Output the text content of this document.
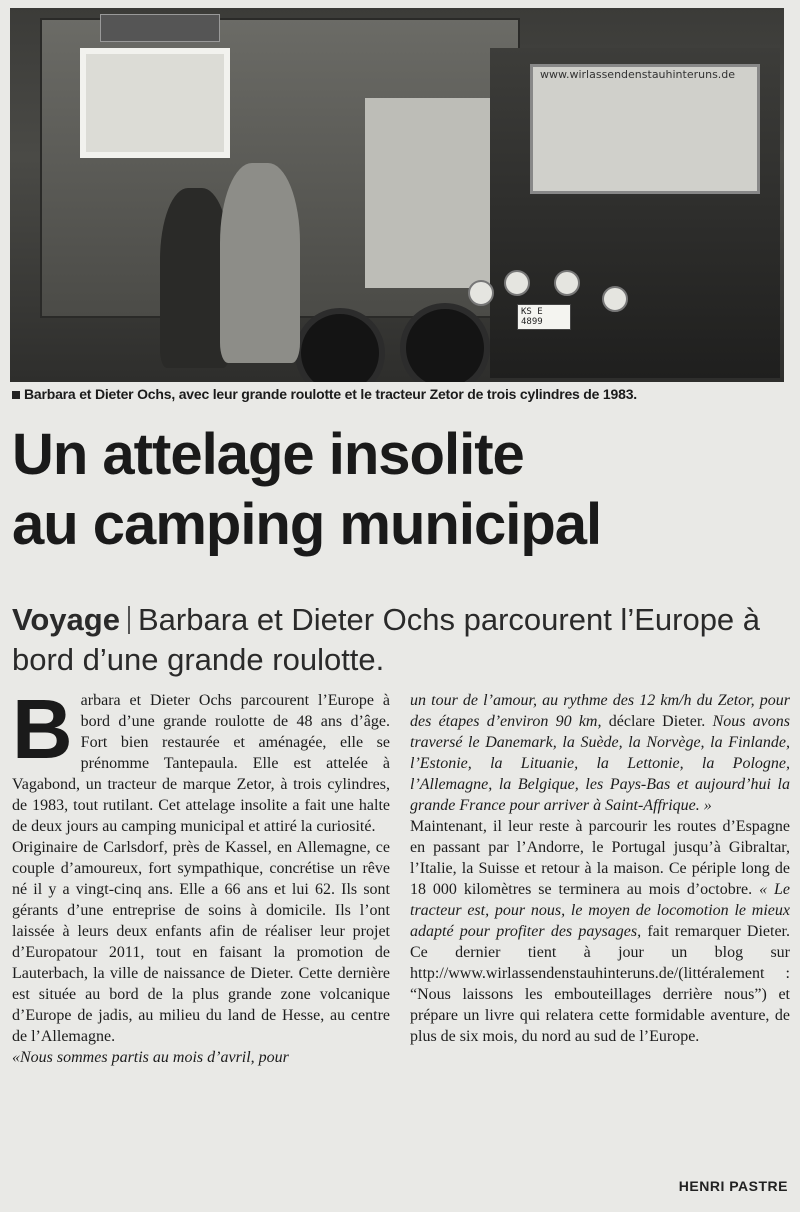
www.wirlassendenstauhinteruns.de
KS E 4899
Barbara et Dieter Ochs, avec leur grande roulotte et le tracteur Zetor de trois cylindres de 1983.
Un attelage insolite
au camping municipal
Voyage Barbara et Dieter Ochs parcourent l’Europe à bord d’une grande roulotte.

Barbara et Dieter Ochs parcourent l’Europe à bord d’une grande roulotte de 48 ans d’âge. Fort bien restaurée et aménagée, elle se prénomme Tantepaula. Elle est attelée à Vagabond, un tracteur de marque Zetor, à trois cylindres, de 1983, tout rutilant. Cet attelage insolite a fait une halte de deux jours au camping municipal et attiré la curiosité.

Originaire de Carlsdorf, près de Kassel, en Allemagne, ce couple d’amoureux, fort sympathique, concrétise un rêve né il y a vingt-cinq ans. Elle a 66 ans et lui 62. Ils sont gérants d’une entreprise de soins à domicile. Ils l’ont laissée à leurs deux enfants afin de réaliser leur projet d’Europatour 2011, tout en faisant la promotion de Lauterbach, la ville de naissance de Dieter. Cette dernière est située au bord de la plus grande zone volcanique d’Europe de jadis, au milieu du land de Hesse, au centre de l’Allemagne.

«Nous sommes partis au mois d’avril, pour

un tour de l’amour, au rythme des 12 km/h du Zetor, pour des étapes d’environ 90 km, déclare Dieter. Nous avons traversé le Danemark, la Suède, la Norvège, la Finlande, l’Estonie, la Lituanie, la Lettonie, la Pologne, l’Allemagne, la Belgique, les Pays-Bas et aujourd’hui la grande France pour arriver à Saint-Affrique. »

Maintenant, il leur reste à parcourir les routes d’Espagne en passant par l’Andorre, le Portugal jusqu’à Gibraltar, l’Italie, la Suisse et retour à la maison. Ce périple long de 18 000 kilomètres se terminera au mois d’octobre. « Le tracteur est, pour nous, le moyen de locomotion le mieux adapté pour profiter des paysages, fait remarquer Dieter. Ce dernier tient à jour un blog sur http://www.wirlassendenstauhinteruns.de/(littéralement : “Nous laissons les embouteillages derrière nous”) et prépare un livre qui relatera cette formidable aventure, de plus de six mois, du nord au sud de l’Europe.

HENRI PASTRE
